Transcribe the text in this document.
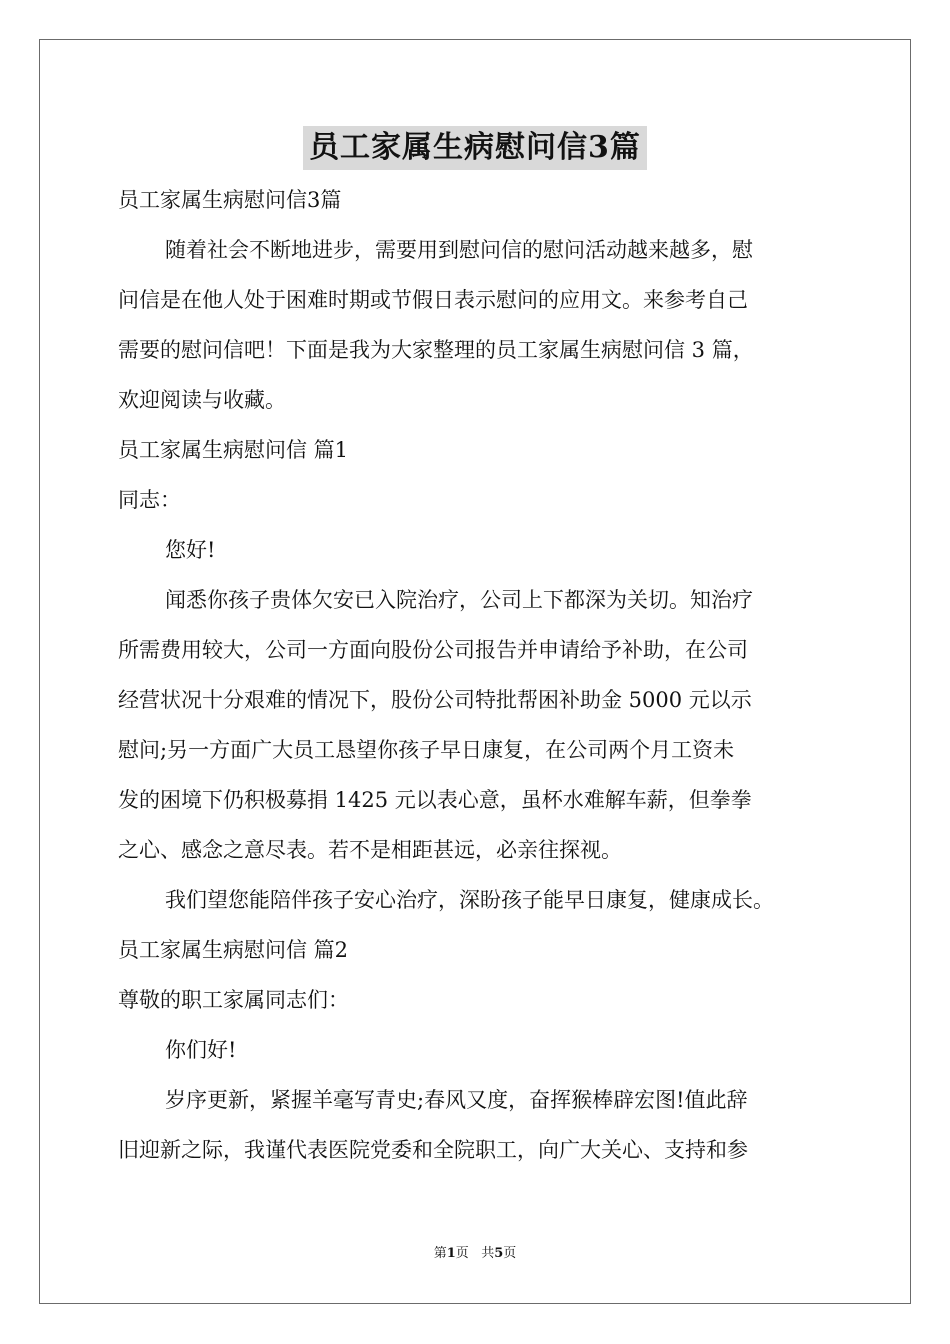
员工家属生病慰问信3篇
员工家属生病慰问信3篇
随着社会不断地进步，需要用到慰问信的慰问活动越来越多，慰
问信是在他人处于困难时期或节假日表示慰问的应用文。来参考自己
需要的慰问信吧！下面是我为大家整理的员工家属生病慰问信 3 篇，
欢迎阅读与收藏。
员工家属生病慰问信 篇1
同志：
您好!
闻悉你孩子贵体欠安已入院治疗，公司上下都深为关切。知治疗
所需费用较大，公司一方面向股份公司报告并申请给予补助，在公司
经营状况十分艰难的情况下，股份公司特批帮困补助金 5000 元以示
慰问;另一方面广大员工恳望你孩子早日康复，在公司两个月工资未
发的困境下仍积极募捐 1425 元以表心意，虽杯水难解车薪，但拳拳
之心、感念之意尽表。若不是相距甚远，必亲往探视。
我们望您能陪伴孩子安心治疗，深盼孩子能早日康复，健康成长。
员工家属生病慰问信 篇2
尊敬的职工家属同志们：
你们好!
岁序更新，紧握羊毫写青史;春风又度，奋挥猴棒辟宏图!值此辞
旧迎新之际，我谨代表医院党委和全院职工，向广大关心、支持和参
第1页 共5页
